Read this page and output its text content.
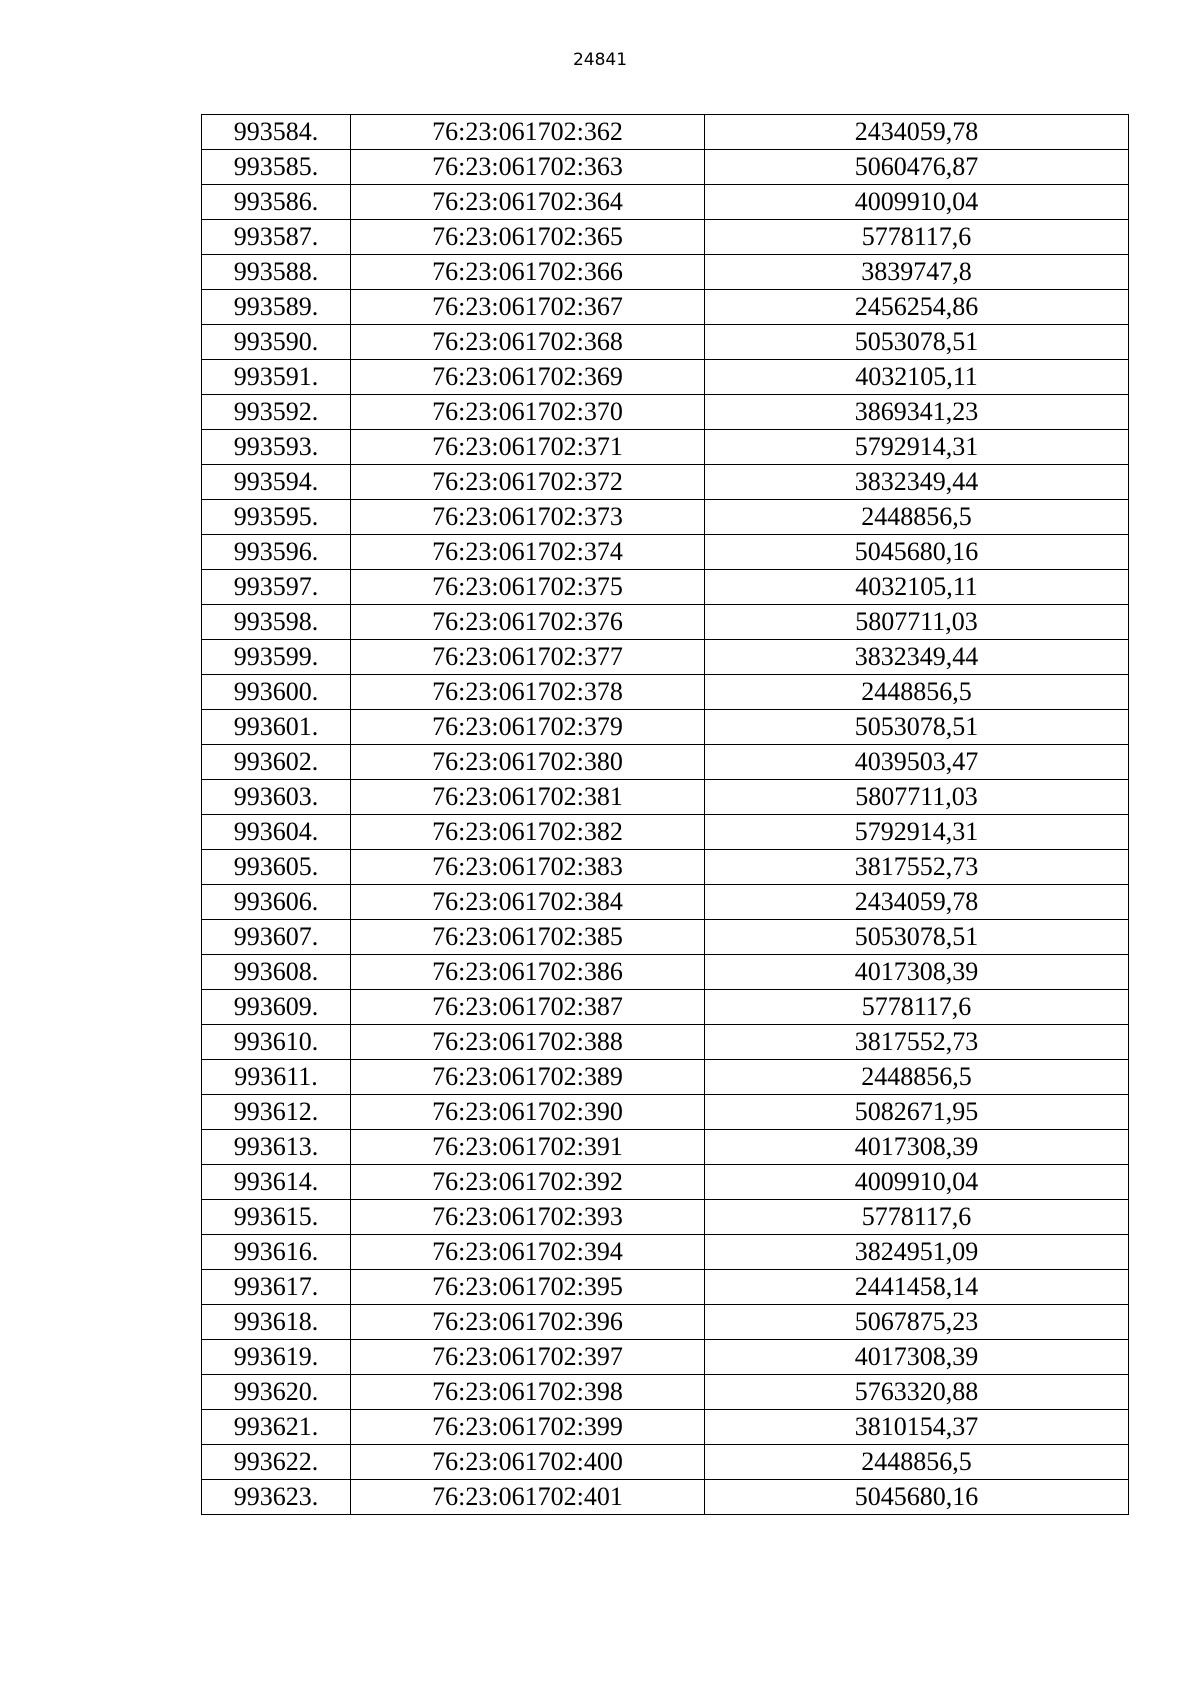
24841
993584.	76:23:061702:362	2434059,78
993585.	76:23:061702:363	5060476,87
993586.	76:23:061702:364	4009910,04
993587.	76:23:061702:365	5778117,6
993588.	76:23:061702:366	3839747,8
993589.	76:23:061702:367	2456254,86
993590.	76:23:061702:368	5053078,51
993591.	76:23:061702:369	4032105,11
993592.	76:23:061702:370	3869341,23
993593.	76:23:061702:371	5792914,31
993594.	76:23:061702:372	3832349,44
993595.	76:23:061702:373	2448856,5
993596.	76:23:061702:374	5045680,16
993597.	76:23:061702:375	4032105,11
993598.	76:23:061702:376	5807711,03
993599.	76:23:061702:377	3832349,44
993600.	76:23:061702:378	2448856,5
993601.	76:23:061702:379	5053078,51
993602.	76:23:061702:380	4039503,47
993603.	76:23:061702:381	5807711,03
993604.	76:23:061702:382	5792914,31
993605.	76:23:061702:383	3817552,73
993606.	76:23:061702:384	2434059,78
993607.	76:23:061702:385	5053078,51
993608.	76:23:061702:386	4017308,39
993609.	76:23:061702:387	5778117,6
993610.	76:23:061702:388	3817552,73
993611.	76:23:061702:389	2448856,5
993612.	76:23:061702:390	5082671,95
993613.	76:23:061702:391	4017308,39
993614.	76:23:061702:392	4009910,04
993615.	76:23:061702:393	5778117,6
993616.	76:23:061702:394	3824951,09
993617.	76:23:061702:395	2441458,14
993618.	76:23:061702:396	5067875,23
993619.	76:23:061702:397	4017308,39
993620.	76:23:061702:398	5763320,88
993621.	76:23:061702:399	3810154,37
993622.	76:23:061702:400	2448856,5
993623.	76:23:061702:401	5045680,16
